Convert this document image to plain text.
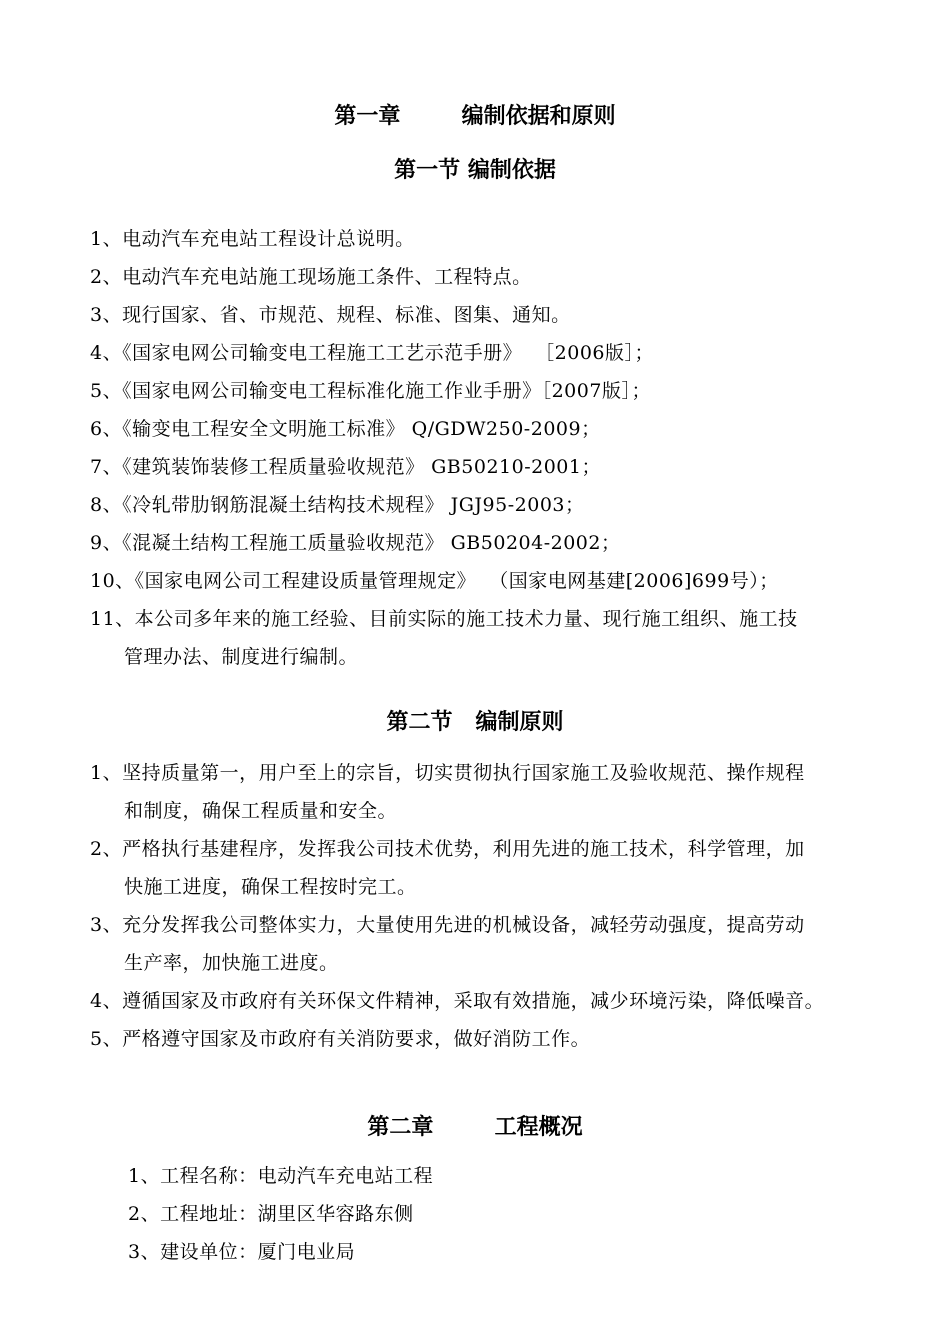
第一章        编制依据和原则
第一节 编制依据
1、电动汽车充电站工程设计总说明。
2、电动汽车充电站施工现场施工条件、工程特点。
3、现行国家、省、市规范、规程、标准、图集、通知。
4、《国家电网公司输变电工程施工工艺示范手册》  ［2006版］；
5、《国家电网公司输变电工程标准化施工作业手册》［2007版］；
6、《输变电工程安全文明施工标准》 Q/GDW250-2009；
7、《建筑装饰装修工程质量验收规范》 GB50210-2001；
8、《冷轧带肋钢筋混凝土结构技术规程》 JGJ95-2003；
9、《混凝土结构工程施工质量验收规范》 GB50204-2002；
10、《国家电网公司工程建设质量管理规定》  （国家电网基建[2006]699号）；
11、本公司多年来的施工经验、目前实际的施工技术力量、现行施工组织、施工技
管理办法、制度进行编制。
第二节   编制原则
1、坚持质量第一，用户至上的宗旨，切实贯彻执行国家施工及验收规范、操作规程
和制度，确保工程质量和安全。
2、严格执行基建程序，发挥我公司技术优势，利用先进的施工技术，科学管理，加
快施工进度，确保工程按时完工。
3、充分发挥我公司整体实力，大量使用先进的机械设备，减轻劳动强度，提高劳动
生产率，加快施工进度。
4、遵循国家及市政府有关环保文件精神，采取有效措施，减少环境污染，降低噪音。
5、严格遵守国家及市政府有关消防要求，做好消防工作。
第二章        工程概况
1、工程名称：电动汽车充电站工程
2、工程地址：湖里区华容路东侧
3、建设单位：厦门电业局
